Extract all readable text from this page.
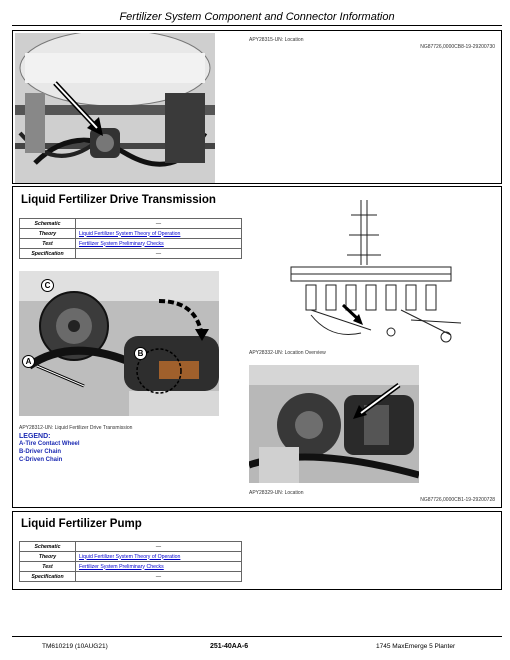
Fertilizer System Component and Connector Information
APY28315-UN: Location
NG87726,0000CB8-19-29200730
Liquid Fertilizer Drive Transmission
Schematic	—
Theory	Liquid Fertilizer System Theory of Operation
Test	Fertilizer System Preliminary Checks
Specification	—
A
B
C
APY28312-UN: Liquid Fertilizer Drive Transmission
LEGEND:
A-Tire Contact Wheel
B-Driver Chain
C-Driven Chain
APY28332-UN: Location Overview
APY28329-UN: Location
NG87726,0000CB1-19-29200728
Liquid Fertilizer Pump
Schematic	—
Theory	Liquid Fertilizer System Theory of Operation
Test	Fertilizer System Preliminary Checks
Specification	—
TM610219 (10AUG21)	251-40AA-6	1745 MaxEmerge 5 Planter
